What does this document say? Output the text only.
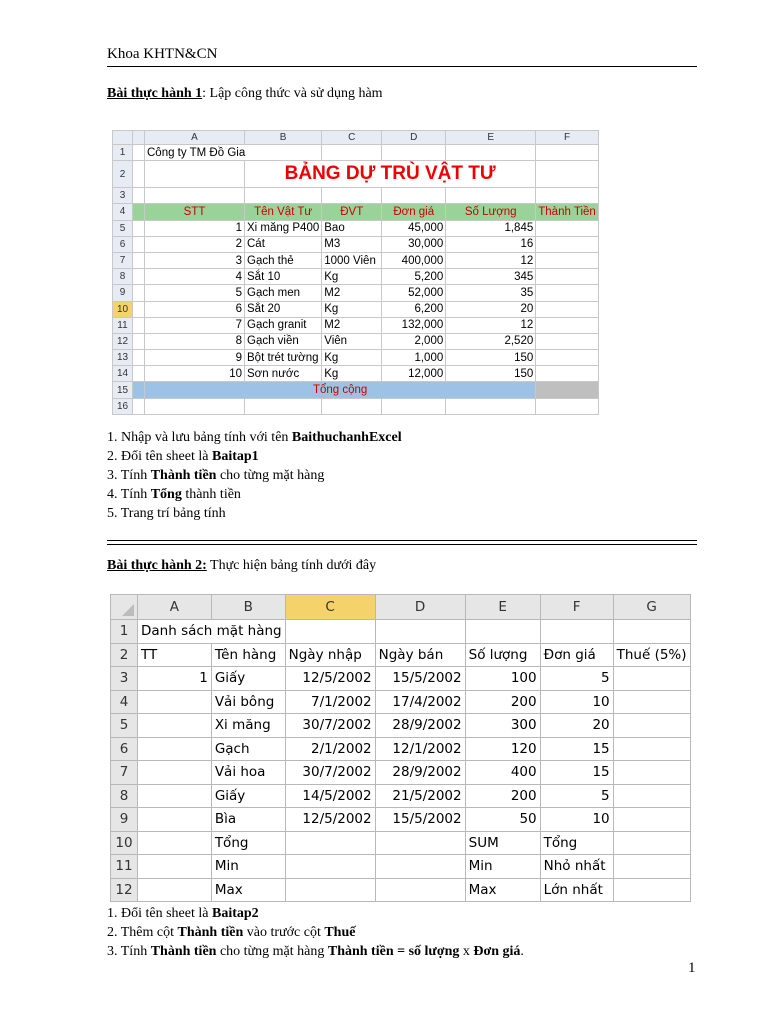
Khoa KHTN&CN
Bài thực hành 1: Lập công thức và sử dụng hàm
		A	B	C	D	E	F
1		Công ty TM Đồ Gia					
2			BẢNG DỰ TRÙ VẬT TƯ				
3							
4		STT	Tên Vật Tư	ĐVT	Đơn giá	Số Lượng	Thành Tiền
5		1	Xi măng P400	Bao	45,000	1,845	
6		2	Cát	M3	30,000	16	
7		3	Gạch thẻ	1000 Viên	400,000	12	
8		4	Sắt 10	Kg	5,200	345	
9		5	Gạch men	M2	52,000	35	
10		6	Sắt 20	Kg	6,200	20	
11		7	Gạch granit	M2	132,000	12	
12		8	Gạch viền	Viên	2,000	2,520	
13		9	Bột trét tường	Kg	1,000	150	
14		10	Sơn nước	Kg	12,000	150	
15		Tổng cộng					
16							
1. Nhập và lưu bảng tính với tên BaithuchanhExcel
2. Đổi tên sheet là Baitap1
3. Tính Thành tiền cho từng mặt hàng
4. Tính Tổng thành tiền
5. Trang trí bảng tính
Bài thực hành 2: Thực hiện bảng tính dưới đây
	A	B	C	D	E	F	G
1	Danh sách mặt hàng						
2	TT	Tên hàng	Ngày nhập	Ngày bán	Số lượng	Đơn giá	Thuế (5%)
3	1	Giấy	12/5/2002	15/5/2002	100	5	
4		Vải bông	7/1/2002	17/4/2002	200	10	
5		Xi măng	30/7/2002	28/9/2002	300	20	
6		Gạch	2/1/2002	12/1/2002	120	15	
7		Vải hoa	30/7/2002	28/9/2002	400	15	
8		Giấy	14/5/2002	21/5/2002	200	5	
9		Bìa	12/5/2002	15/5/2002	50	10	
10		Tổng			SUM	Tổng	
11		Min			Min	Nhỏ nhất	
12		Max			Max	Lớn nhất	
1. Đổi tên sheet là Baitap2
2. Thêm cột Thành tiền vào trước cột Thuế
3. Tính Thành tiền cho từng mặt hàng Thành tiền = số lượng x Đơn giá.
1
